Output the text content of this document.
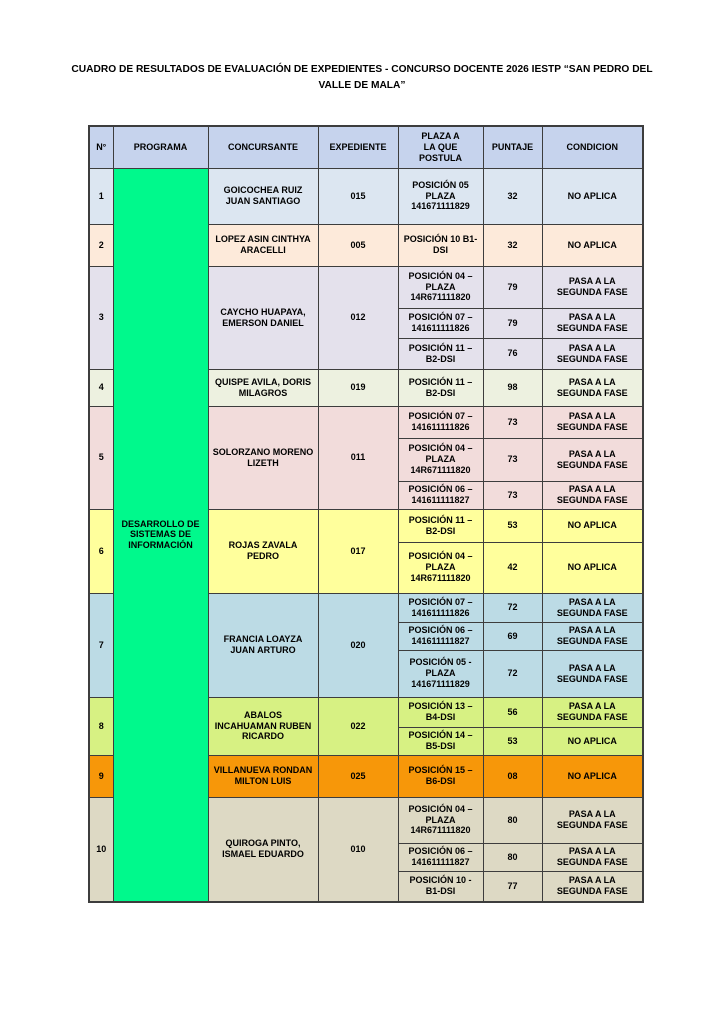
CUADRO DE RESULTADOS DE EVALUACIÓN DE EXPEDIENTES - CONCURSO DOCENTE 2026 IESTP “SAN PEDRO DEL VALLE DE MALA”
N°	PROGRAMA	CONCURSANTE	EXPEDIENTE	PLAZA A LA QUE POSTULA	PUNTAJE	CONDICION
1	DESARROLLO DE SISTEMAS DE INFORMACIÓN	GOICOCHEA RUIZ JUAN SANTIAGO	015	POSICIÓN 05 PLAZA 141671111829	32	NO APLICA
2		LOPEZ ASIN CINTHYA ARACELLI	005	POSICIÓN 10 B1-DSI	32	NO APLICA
3		CAYCHO HUAPAYA, EMERSON DANIEL	012	POSICIÓN 04 – PLAZA 14R671111820	79	PASA A LA SEGUNDA FASE
				POSICIÓN 07 – 141611111826	79	PASA A LA SEGUNDA FASE
				POSICIÓN 11 – B2-DSI	76	PASA A LA SEGUNDA FASE
4		QUISPE AVILA, DORIS MILAGROS	019	POSICIÓN 11 – B2-DSI	98	PASA A LA SEGUNDA FASE
5		SOLORZANO MORENO LIZETH	011	POSICIÓN 07 – 141611111826	73	PASA A LA SEGUNDA FASE
				POSICIÓN 04 – PLAZA 14R671111820	73	PASA A LA SEGUNDA FASE
				POSICIÓN 06 – 141611111827	73	PASA A LA SEGUNDA FASE
6		ROJAS ZAVALA PEDRO	017	POSICIÓN 11 – B2-DSI	53	NO APLICA
				POSICIÓN 04 – PLAZA 14R671111820	42	NO APLICA
7		FRANCIA LOAYZA JUAN ARTURO	020	POSICIÓN 07 – 141611111826	72	PASA A LA SEGUNDA FASE
				POSICIÓN 06 – 141611111827	69	PASA A LA SEGUNDA FASE
				POSICIÓN 05 - PLAZA 141671111829	72	PASA A LA SEGUNDA FASE
8		ABALOS INCAHUAMAN RUBEN RICARDO	022	POSICIÓN 13 – B4-DSI	56	PASA A LA SEGUNDA FASE
				POSICIÓN 14 – B5-DSI	53	NO APLICA
9		VILLANUEVA RONDAN MILTON LUIS	025	POSICIÓN 15 – B6-DSI	08	NO APLICA
10		QUIROGA PINTO, ISMAEL EDUARDO	010	POSICIÓN 04 – PLAZA 14R671111820	80	PASA A LA SEGUNDA FASE
				POSICIÓN 06 – 141611111827	80	PASA A LA SEGUNDA FASE
				POSICIÓN 10 - B1-DSI	77	PASA A LA SEGUNDA FASE
